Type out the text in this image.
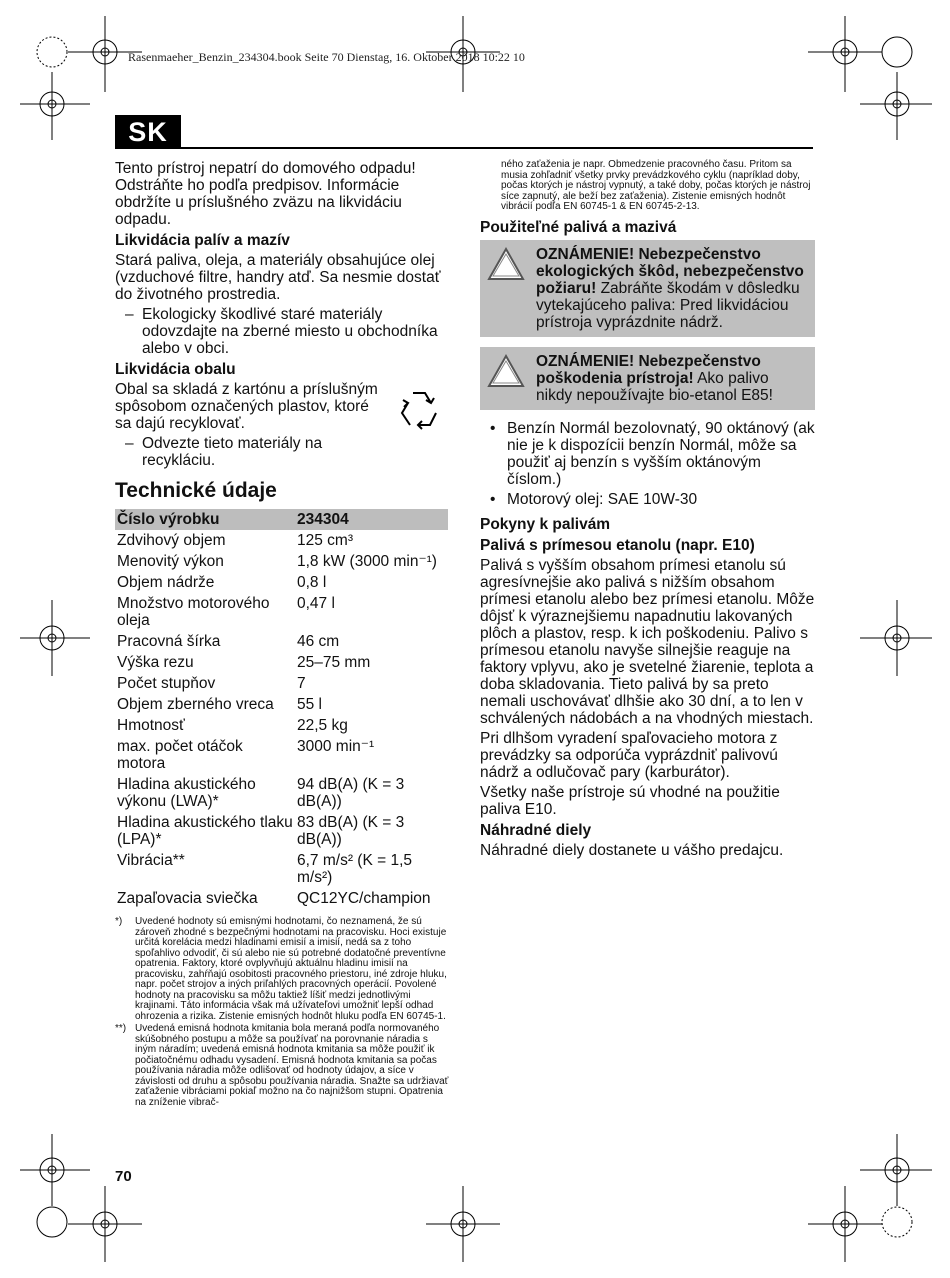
Rasenmaeher_Benzin_234304.book Seite 70 Dienstag, 16. Oktober 2018 10:22 10
SK

Tento prístroj nepatrí do domového odpadu! Odstráňte ho podľa predpisov. Informácie obdržíte u príslušného zväzu na likvidáciu odpadu.

Likvidácia palív a mazív

Stará paliva, oleja, a materiály obsahujúce olej (vzduchové filtre, handry atď. Sa nesmie dostať do životného prostredia.

– Ekologicky škodlivé staré materiály odovzdajte na zberné miesto u obchodníka alebo v obci.
Likvidácia obalu

Obal sa skladá z kartónu a príslušným spôsobom označených plastov, ktoré sa dajú recyklovať.

– Odvezte tieto materiály na recykláciu.
Technické údaje
Číslo výrobku	234304
Zdvihový objem	125 cm³
Menovitý výkon	1,8 kW (3000 min⁻¹)
Objem nádrže	0,8 l
Množstvo motorového oleja	0,47 l
Pracovná šírka	46 cm
Výška rezu	25–75 mm
Počet stupňov	7
Objem zberného vreca	55 l
Hmotnosť	22,5 kg
max. počet otáčok motora	3000 min⁻¹
Hladina akustického výkonu (LWA)*	94 dB(A) (K = 3 dB(A))
Hladina akustického tlaku (LPA)*	83 dB(A) (K = 3 dB(A))
Vibrácia**	6,7 m/s² (K = 1,5 m/s²)
Zapaľovacia sviečka	QC12YC/champion
*)	Uvedené hodnoty sú emisnými hodnotami, čo neznamená, že sú zároveň zhodné s bezpečnými hodnotami na pracovisku. Hoci existuje určitá korelácia medzi hladinami emisií a imisií, nedá sa z toho spoľahlivo odvodiť, či sú alebo nie sú potrebné dodatočné preventívne opatrenia. Faktory, ktoré ovplyvňujú aktuálnu hladinu imisií na pracovisku, zahŕňajú osobitosti pracovného priestoru, iné zdroje hluku, napr. počet strojov a iných priľahlých pracovných operácií. Povolené hodnoty na pracovisku sa môžu taktiež líšiť medzi jednotlivými krajinami. Táto informácia však má užívateľovi umožniť lepší odhad ohrozenia a rizika. Zistenie emisných hodnôt hluku podľa EN 60745-1.
**) Uvedená emisná hodnota kmitania bola meraná podľa normovaného skúšobného postupu a môže sa používať na porovnanie náradia s iným náradím; uvedená emisná hodnota kmitania sa môže použiť ik počiatočnému odhadu vysadení. Emisná hodnota kmitania sa počas používania náradia môže odlišovať od hodnoty údajov, a síce v závislosti od druhu a spôsobu používania náradia. Snažte sa udržiavať zaťaženie vibráciami pokiaľ možno na čo najnižšom stupni. Opatrenia na zníženie vibrač-
ného zaťaženia je napr. Obmedzenie pracovného času. Pritom sa musia zohľadniť všetky prvky prevádzkového cyklu (napríklad doby, počas ktorých je nástroj vypnutý, a také doby, počas ktorých je nástroj síce zapnutý, ale beží bez zaťaženia). Zistenie emisných hodnôt vibrácií podľa EN 60745-1 & EN 60745-2-13.
Použiteľné palivá a mazivá
OZNÁMENIE! Nebezpečenstvo ekologických škôd, nebezpečenstvo požiaru! Zabráňte škodám v dôsledku vytekajúceho paliva: Pred likvidáciou prístroja vyprázdnite nádrž.
OZNÁMENIE! Nebezpečenstvo poškodenia prístroja! Ako palivo nikdy nepoužívajte bio-etanol E85!
• Benzín Normál bezolovnatý, 90 oktánový (ak nie je k dispozícii benzín Normál, môže sa použiť aj benzín s vyšším oktánovým číslom.)
• Motorový olej: SAE 10W-30
Pokyny k palivám
Palivá s prímesou etanolu (napr. E10)

Palivá s vyšším obsahom prímesi etanolu sú agresívnejšie ako palivá s nižším obsahom prímesi etanolu alebo bez prímesi etanolu. Môže dôjsť k výraznejšiemu napadnutiu lakovaných plôch a plastov, resp. k ich poškodeniu. Palivo s prímesou etanolu navyše silnejšie reaguje na faktory vplyvu, ako je svetelné žiarenie, teplota a doba skladovania. Tieto palivá by sa preto nemali uschovávať dlhšie ako 30 dní, a to len v schválených nádobách a na vhodných miestach.

Pri dlhšom vyradení spaľovacieho motora z prevádzky sa odporúča vyprázdniť palivovú nádrž a odlučovač pary (karburátor).

Všetky naše prístroje sú vhodné na použitie paliva E10.

Náhradné diely

Náhradné diely dostanete u vášho predajcu.

70
